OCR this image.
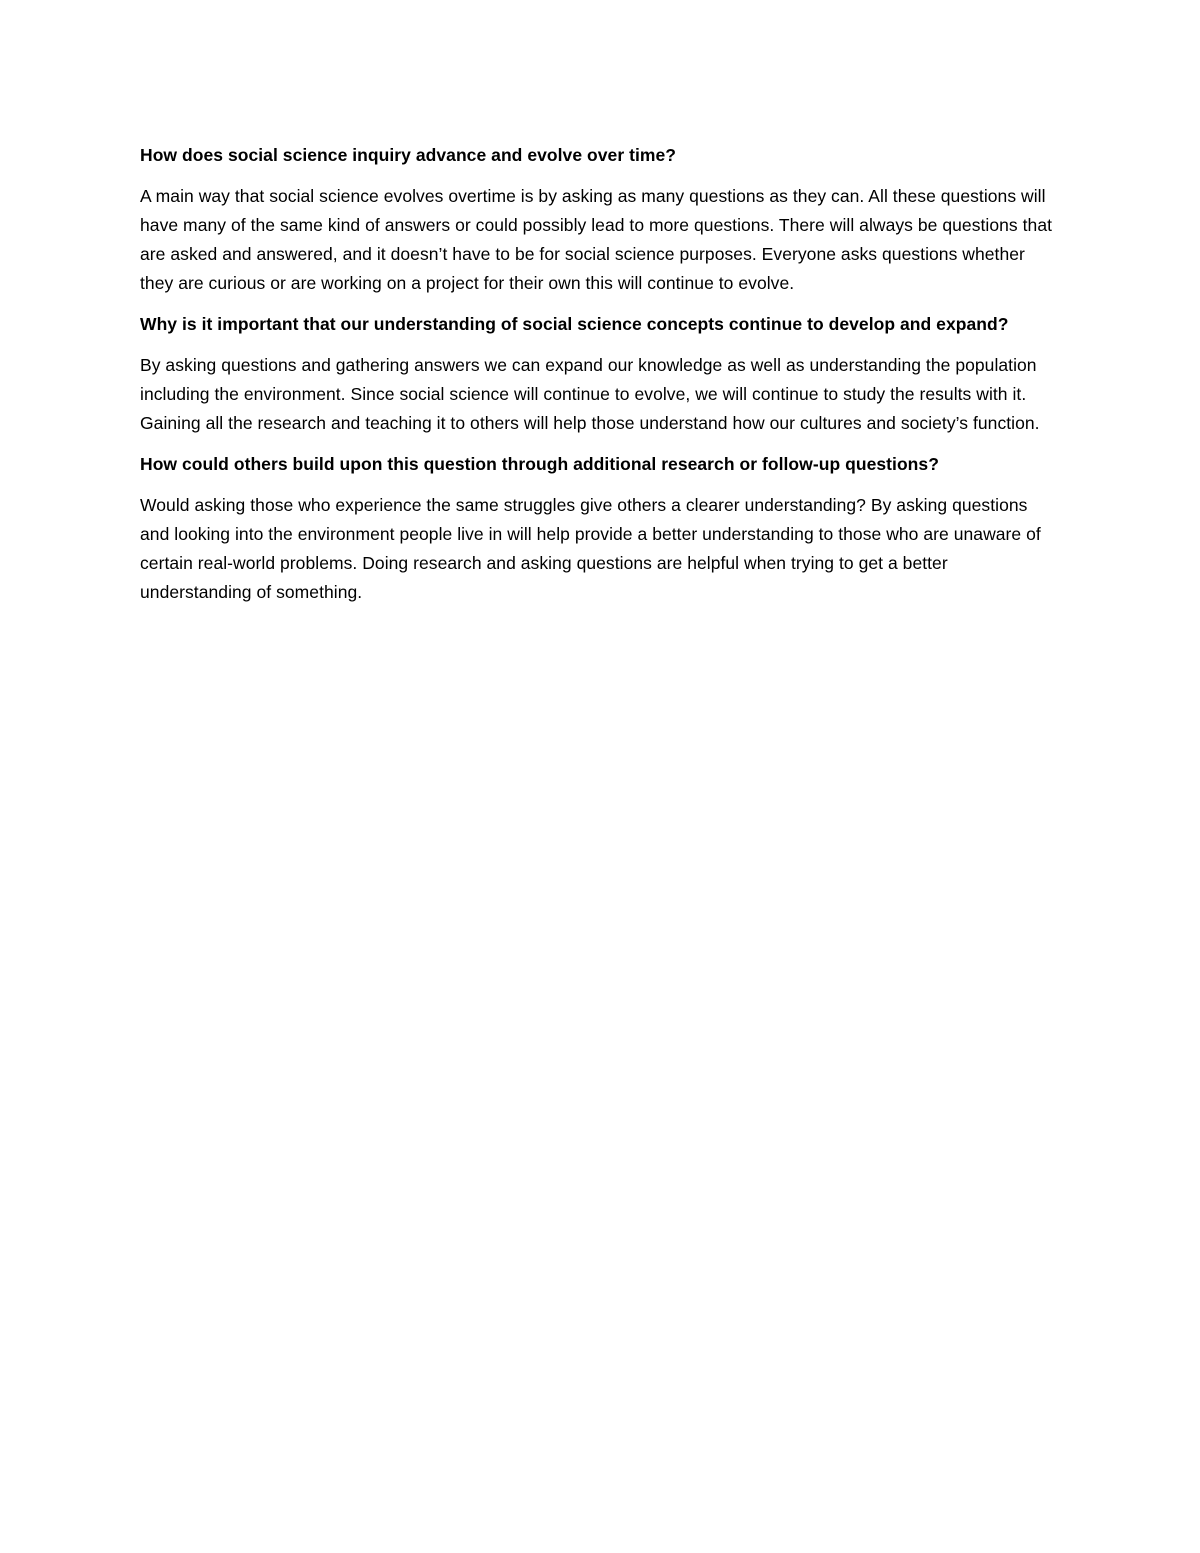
How does social science inquiry advance and evolve over time?

A main way that social science evolves overtime is by asking as many questions as they can. All these questions will have many of the same kind of answers or could possibly lead to more questions. There will always be questions that are asked and answered, and it doesn’t have to be for social science purposes. Everyone asks questions whether they are curious or are working on a project for their own this will continue to evolve.

Why is it important that our understanding of social science concepts continue to develop and expand?

By asking questions and gathering answers we can expand our knowledge as well as understanding the population including the environment. Since social science will continue to evolve, we will continue to study the results with it. Gaining all the research and teaching it to others will help those understand how our cultures and society’s function.

How could others build upon this question through additional research or follow-up questions?

Would asking those who experience the same struggles give others a clearer understanding? By asking questions and looking into the environment people live in will help provide a better understanding to those who are unaware of certain real-world problems. Doing research and asking questions are helpful when trying to get a better understanding of something.
